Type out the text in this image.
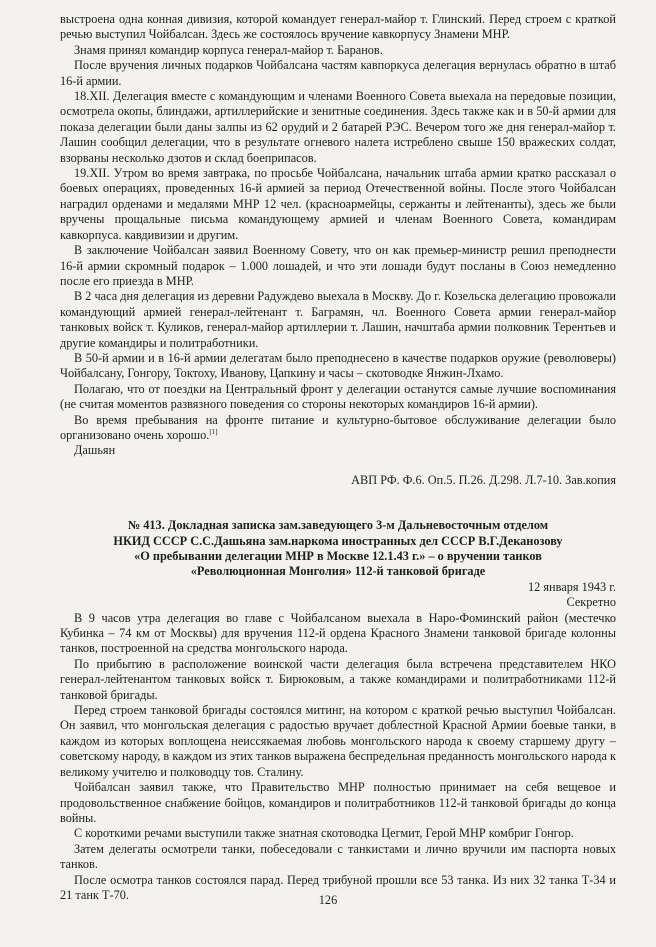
выстроена одна конная дивизия, которой командует генерал-майор т. Глинский. Перед строем с краткой речью выступил Чойбалсан. Здесь же состоялось вручение кавкорпусу Знамени МНР.

Знамя принял командир корпуса генерал-майор т. Баранов.

После вручения личных подарков Чойбалсана частям кавпоркуса делегация вернулась обратно в штаб 16-й армии.

18.XII. Делегация вместе с командующим и членами Военного Совета выехала на передовые позиции, осмотрела окопы, блиндажи, артиллерийские и зенитные соединения. Здесь также как и в 50-й армии для показа делегации были даны залпы из 62 орудий и 2 батарей РЭС. Вечером того же дня генерал-майор т. Лашин сообщил делегации, что в результате огневого налета истреблено свыше 150 вражеских солдат, взорваны несколько дзотов и склад боеприпасов.

19.XII. Утром во время завтрака, по просьбе Чойбалсана, начальник штаба армии кратко рассказал о боевых операциях, проведенных 16-й армией за период Отечественной войны. После этого Чойбалсан наградил орденами и медалями МНР 12 чел. (красноармейцы, сержанты и лейтенанты), здесь же были вручены прощальные письма командующему армией и членам Военного Совета, командирам кавкорпуса. кавдивизии и другим.

В заключение Чойбалсан заявил Военному Совету, что он как премьер-министр решил преподнести 16-й армии скромный подарок – 1.000 лошадей, и что эти лошади будут посланы в Союз немедленно после его приезда в МНР.

В 2 часа дня делегация из деревни Радуждево выехала в Москву. До г. Козельска делегацию провожали командующий армией генерал-лейтенант т. Баграмян, чл. Военного Совета армии генерал-майор танковых войск т. Куликов, генерал-майор артиллерии т. Лашин, начштаба армии полковник Терентьев и другие командиры и политработники.

В 50-й армии и в 16-й армии делегатам было преподнесено в качестве подарков оружие (революверы) Чойбалсану, Гонгору, Токтоху, Иванову, Цапкину и часы – скотоводке Янжин-Лхамо.

Полагаю, что от поездки на Центральный фронт у делегации останутся самые лучшие воспоминания (не считая моментов развязного поведения со стороны некоторых командиров 16-й армии).

Во время пребывания на фронте питание и культурно-бытовое обслуживание делегации было организовано очень хорошо.[1]

Дашьян

АВП РФ. Ф.6. Оп.5. П.26. Д.298. Л.7-10. Зав.копия
№ 413. Докладная записка зам.заведующего 3-м Дальневосточным отделом
НКИД СССР С.С.Дашьяна зам.наркома иностранных дел СССР В.Г.Деканозову
«О пребывании делегации МНР в Москве 12.1.43 г.» – о вручении танков
«Революционная Монголия» 112-й танковой бригаде
12 января 1943 г.
Секретно

В 9 часов утра делегация во главе с Чойбалсаном выехала в Наро-Фоминский район (местечко Кубинка – 74 км от Москвы) для вручения 112-й ордена Красного Знамени танковой бригаде колонны танков, построенной на средства монгольского народа.

По прибытию в расположение воинской части делегация была встречена представителем НКО генерал-лейтенантом танковых войск т. Бирюковым, а также командирами и политработниками 112-й танковой бригады.

Перед строем танковой бригады состоялся митинг, на котором с краткой речью выступил Чойбалсан. Он заявил, что монгольская делегация с радостью вручает доблестной Красной Армии боевые танки, в каждом из которых воплощена неиссякаемая любовь монгольского народа к своему старшему другу – советскому народу, в каждом из этих танков выражена беспредельная преданность монгольского народа к великому учителю и полководцу тов. Сталину.

Чойбалсан заявил также, что Правительство МНР полностью принимает на себя вещевое и продовольственное снабжение бойцов, командиров и политработников 112-й танковой бригады до конца войны.

С короткими речами выступили также знатная скотоводка Цегмит, Герой МНР комбриг Гонгор.

Затем делегаты осмотрели танки, побеседовали с танкистами и лично вручили им паспорта новых танков.

После осмотра танков состоялся парад. Перед трибуной прошли все 53 танка. Из них 32 танка Т-34 и 21 танк Т-70.	126
